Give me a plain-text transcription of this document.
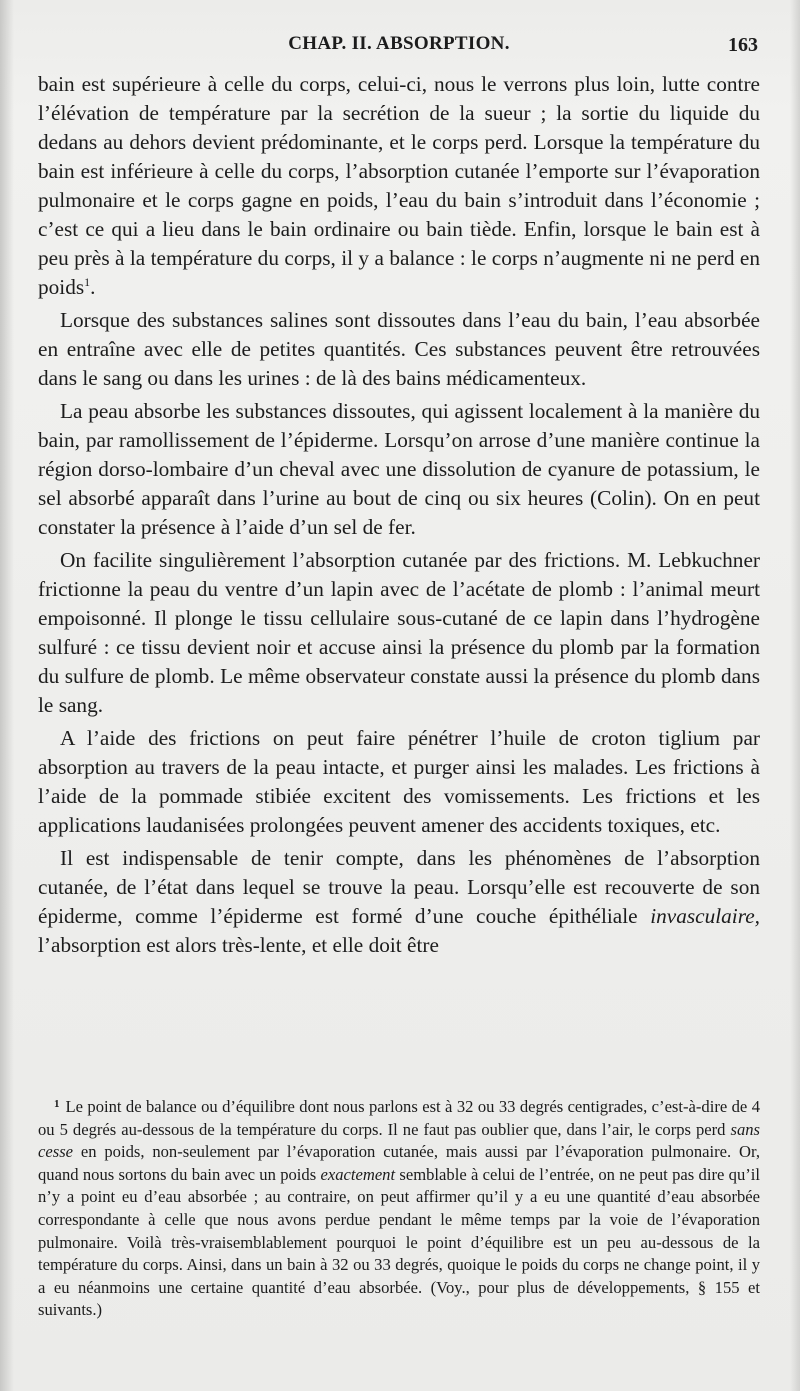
CHAP. II. ABSORPTION.	163

bain est supérieure à celle du corps, celui-ci, nous le verrons plus loin, lutte contre l’élévation de température par la secrétion de la sueur ; la sortie du liquide du dedans au dehors devient prédominante, et le corps perd. Lorsque la température du bain est inférieure à celle du corps, l’absorption cutanée l’emporte sur l’évaporation pulmonaire et le corps gagne en poids, l’eau du bain s’introduit dans l’économie ; c’est ce qui a lieu dans le bain ordinaire ou bain tiède. Enfin, lorsque le bain est à peu près à la température du corps, il y a balance : le corps n’augmente ni ne perd en poids$^1$.

Lorsque des substances salines sont dissoutes dans l’eau du bain, l’eau absorbée en entraîne avec elle de petites quantités. Ces substances peuvent être retrouvées dans le sang ou dans les urines : de là des bains médicamenteux.

La peau absorbe les substances dissoutes, qui agissent localement à la manière du bain, par ramollissement de l’épiderme. Lorsqu’on arrose d’une manière continue la région dorso-lombaire d’un cheval avec une dissolution de cyanure de potassium, le sel absorbé apparaît dans l’urine au bout de cinq ou six heures (Colin). On en peut constater la présence à l’aide d’un sel de fer.

On facilite singulièrement l’absorption cutanée par des frictions. M. Lebkuchner frictionne la peau du ventre d’un lapin avec de l’acétate de plomb : l’animal meurt empoisonné. Il plonge le tissu cellulaire sous-cutané de ce lapin dans l’hydrogène sulfuré : ce tissu devient noir et accuse ainsi la présence du plomb par la formation du sulfure de plomb. Le même observateur constate aussi la présence du plomb dans le sang.

A l’aide des frictions on peut faire pénétrer l’huile de croton tiglium par absorption au travers de la peau intacte, et purger ainsi les malades. Les frictions à l’aide de la pommade stibiée excitent des vomissements. Les frictions et les applications laudanisées prolongées peuvent amener des accidents toxiques, etc.

Il est indispensable de tenir compte, dans les phénomènes de l’absorption cutanée, de l’état dans lequel se trouve la peau. Lorsqu’elle est recouverte de son épiderme, comme l’épiderme est formé d’une couche épithéliale invasculaire, l’absorption est alors très-lente, et elle doit être

$^1$ Le point de balance ou d’équilibre dont nous parlons est à 32 ou 33 degrés centigrades, c’est-à-dire de 4 ou 5 degrés au-dessous de la température du corps. Il ne faut pas oublier que, dans l’air, le corps perd sans cesse en poids, non-seulement par l’évaporation cutanée, mais aussi par l’évaporation pulmonaire. Or, quand nous sortons du bain avec un poids exactement semblable à celui de l’entrée, on ne peut pas dire qu’il n’y a point eu d’eau absorbée ; au contraire, on peut affirmer qu’il y a eu une quantité d’eau absorbée correspondante à celle que nous avons perdue pendant le même temps par la voie de l’évaporation pulmonaire. Voilà très-vraisemblablement pourquoi le point d’équilibre est un peu au-dessous de la température du corps. Ainsi, dans un bain à 32 ou 33 degrés, quoique le poids du corps ne change point, il y a eu néanmoins une certaine quantité d’eau absorbée. (Voy., pour plus de développements, § 155 et suivants.)
